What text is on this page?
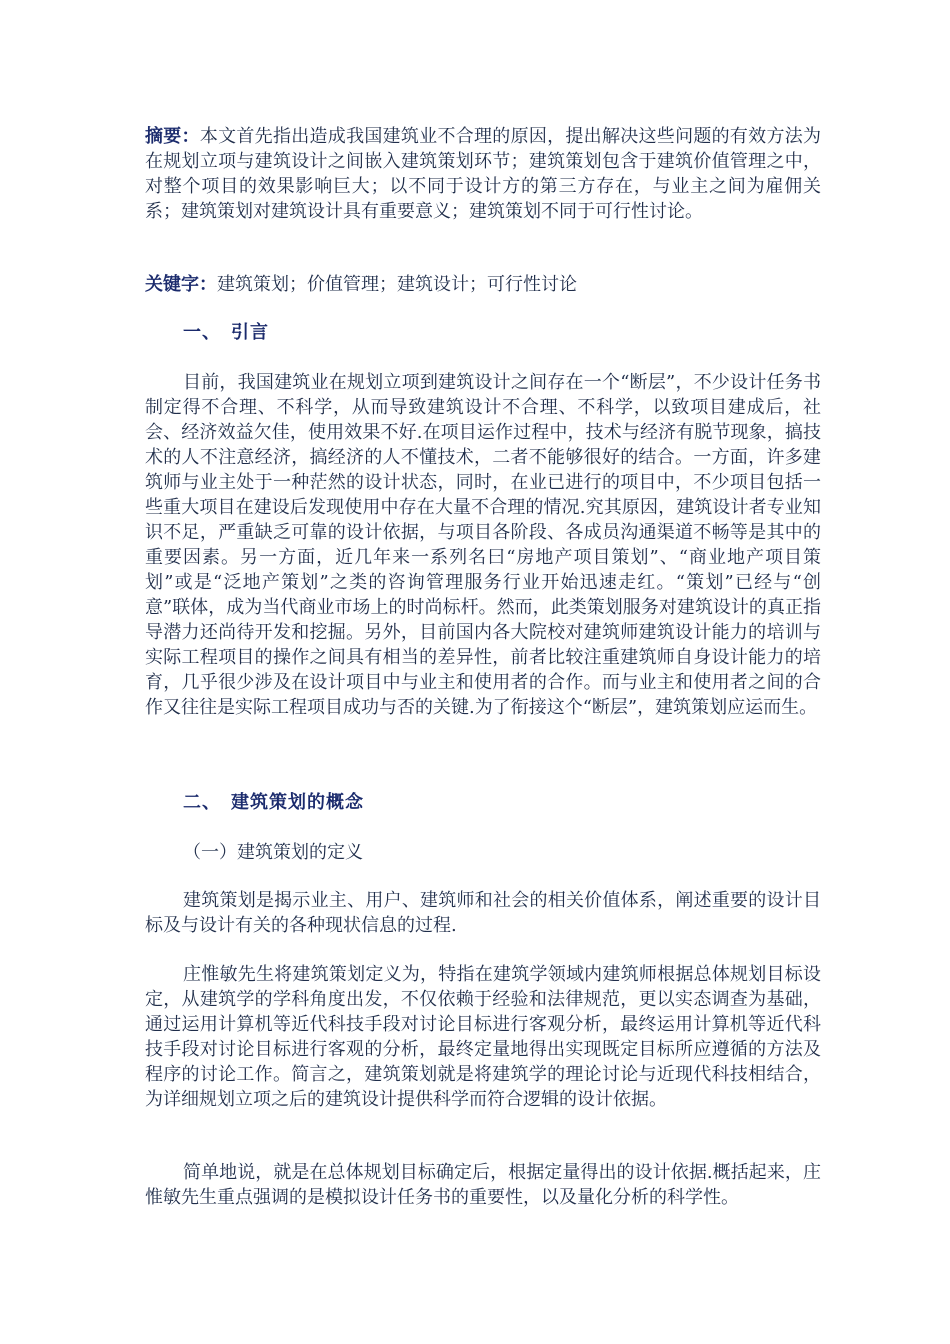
摘要：本文首先指出造成我国建筑业不合理的原因，提出解决这些问题的有效方法为在规划立项与建筑设计之间嵌入建筑策划环节；建筑策划包含于建筑价值管理之中，对整个项目的效果影响巨大；以不同于设计方的第三方存在，与业主之间为雇佣关系；建筑策划对建筑设计具有重要意义；建筑策划不同于可行性讨论。

关键字：建筑策划；价值管理；建筑设计；可行性讨论

一、 引言

目前，我国建筑业在规划立项到建筑设计之间存在一个“断层”，不少设计任务书制定得不合理、不科学，从而导致建筑设计不合理、不科学，以致项目建成后，社会、经济效益欠佳，使用效果不好.在项目运作过程中，技术与经济有脱节现象，搞技术的人不注意经济，搞经济的人不懂技术，二者不能够很好的结合。一方面，许多建筑师与业主处于一种茫然的设计状态，同时，在业已进行的项目中，不少项目包括一些重大项目在建设后发现使用中存在大量不合理的情况.究其原因，建筑设计者专业知识不足，严重缺乏可靠的设计依据，与项目各阶段、各成员沟通渠道不畅等是其中的重要因素。另一方面，近几年来一系列名曰“房地产项目策划”、“商业地产项目策划”或是“泛地产策划”之类的咨询管理服务行业开始迅速走红。“策划”已经与“创意”联体，成为当代商业市场上的时尚标杆。然而，此类策划服务对建筑设计的真正指导潜力还尚待开发和挖掘。另外，目前国内各大院校对建筑师建筑设计能力的培训与实际工程项目的操作之间具有相当的差异性，前者比较注重建筑师自身设计能力的培育，几乎很少涉及在设计项目中与业主和使用者的合作。而与业主和使用者之间的合作又往往是实际工程项目成功与否的关键.为了衔接这个“断层”，建筑策划应运而生。

二、 建筑策划的概念

（一）建筑策划的定义

建筑策划是揭示业主、用户、建筑师和社会的相关价值体系，阐述重要的设计目标及与设计有关的各种现状信息的过程.

庄惟敏先生将建筑策划定义为，特指在建筑学领域内建筑师根据总体规划目标设定，从建筑学的学科角度出发，不仅依赖于经验和法律规范，更以实态调查为基础，通过运用计算机等近代科技手段对讨论目标进行客观分析，最终运用计算机等近代科技手段对讨论目标进行客观的分析，最终定量地得出实现既定目标所应遵循的方法及程序的讨论工作。简言之，建筑策划就是将建筑学的理论讨论与近现代科技相结合，为详细规划立项之后的建筑设计提供科学而符合逻辑的设计依据。

简单地说，就是在总体规划目标确定后，根据定量得出的设计依据.概括起来，庄惟敏先生重点强调的是模拟设计任务书的重要性，以及量化分析的科学性。
